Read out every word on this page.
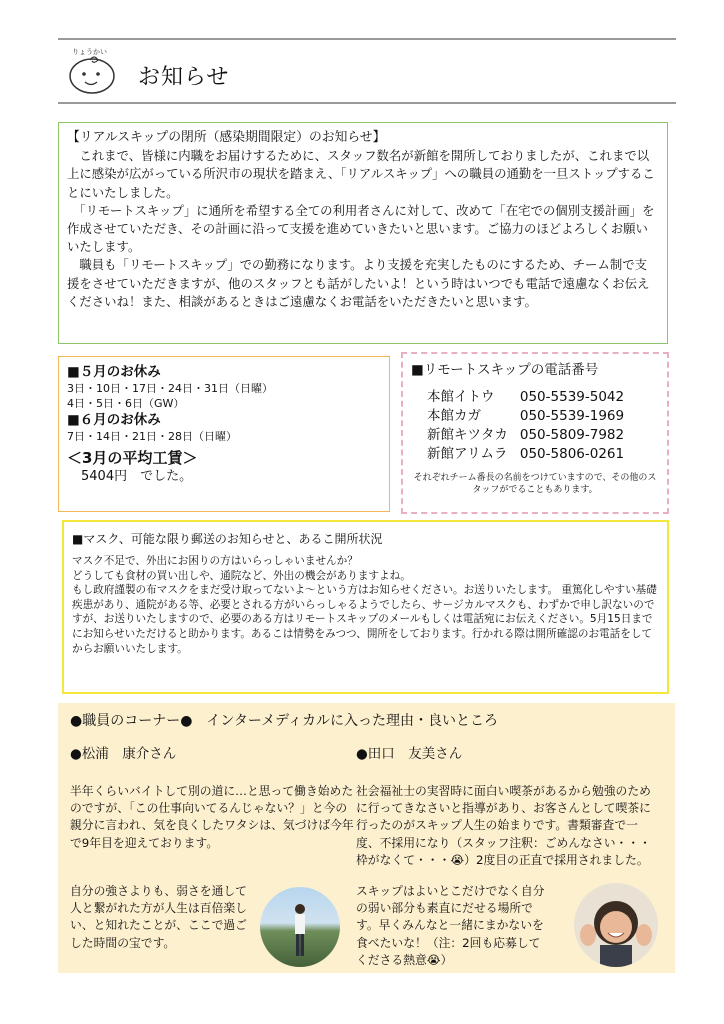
りょうかい
お知らせ

【リアルスキップの閉所（感染期間限定）のお知らせ】

　これまで、皆様に内職をお届けするために、スタッフ数名が新館を開所しておりましたが、これまで以上に感染が広がっている所沢市の現状を踏まえ、「リアルスキップ」への職員の通勤を一旦ストップすることにいたしました。

　「リモートスキップ」に通所を希望する全ての利用者さんに対して、改めて「在宅での個別支援計画」を作成させていただき、その計画に沿って支援を進めていきたいと思います。ご協力のほどよろしくお願いいたします。

　職員も「リモートスキップ」での勤務になります。より支援を充実したものにするため、チーム制で支援をさせていただきますが、他のスタッフとも話がしたいよ！という時はいつでも電話で遠慮なくお伝えくださいね！また、相談があるときはご遠慮なくお電話をいただきたいと思います。

■５月のお休み
3日・10日・17日・24日・31日（日曜）
4日・5日・6日（GW）
■６月のお休み
7日・14日・21日・28日（日曜）
＜3月の平均工賃＞
5404円　でした。
■リモートスキップの電話番号
本館イトウ	050-5539-5042
本館カガ	050-5539-1969
新館キツタカ	050-5809-7982
新館アリムラ	050-5806-0261
それぞれチーム番長の名前をつけていますので、その他のスタッフがでることもあります。
■マスク、可能な限り郵送のお知らせと、あるこ開所状況

マスク不足で、外出にお困りの方はいらっしゃいませんか？

どうしても食材の買い出しや、通院など、外出の機会がありますよね。

もし政府謹製の布マスクをまだ受け取ってないよ～という方はお知らせください。お送りいたします。 重篤化しやすい基礎疾患があり、通院がある等、必要とされる方がいらっしゃるようでしたら、サージカルマスクも、わずかで申し訳ないのですが、お送りいたしますので、必要のある方はリモートスキップのメールもしくは電話宛にお伝えください。5月15日までにお知らせいただけると助かります。あるこは情勢をみつつ、開所をしております。行かれる際は開所確認のお電話をしてからお願いいたします。

●職員のコーナー●　インターメディカルに入った理由・良いところ
●松浦　康介さん

半年くらいバイトして別の道に…と思って働き始めたのですが、「この仕事向いてるんじゃない？」と今の親分に言われ、気を良くしたワタシは、気づけば今年で9年目を迎えております。

自分の強さよりも、弱さを通して人と繋がれた方が人生は百倍楽しい、と知れたことが、ここで過ごした時間の宝です。

●田口　友美さん

社会福祉士の実習時に面白い喫茶があるから勉強のために行ってきなさいと指導があり、お客さんとして喫茶に行ったのがスキップ人生の始まりです。書類審査で一度、不採用になり（スタッフ注釈：ごめんなさい・・・枠がなくて・・・😭）2度目の正直で採用されました。

スキップはよいとこだけでなく自分の弱い部分も素直にだせる場所です。早くみんなと一緒にまかないを食べたいな！（注：2回も応募してくださる熱意😭）
